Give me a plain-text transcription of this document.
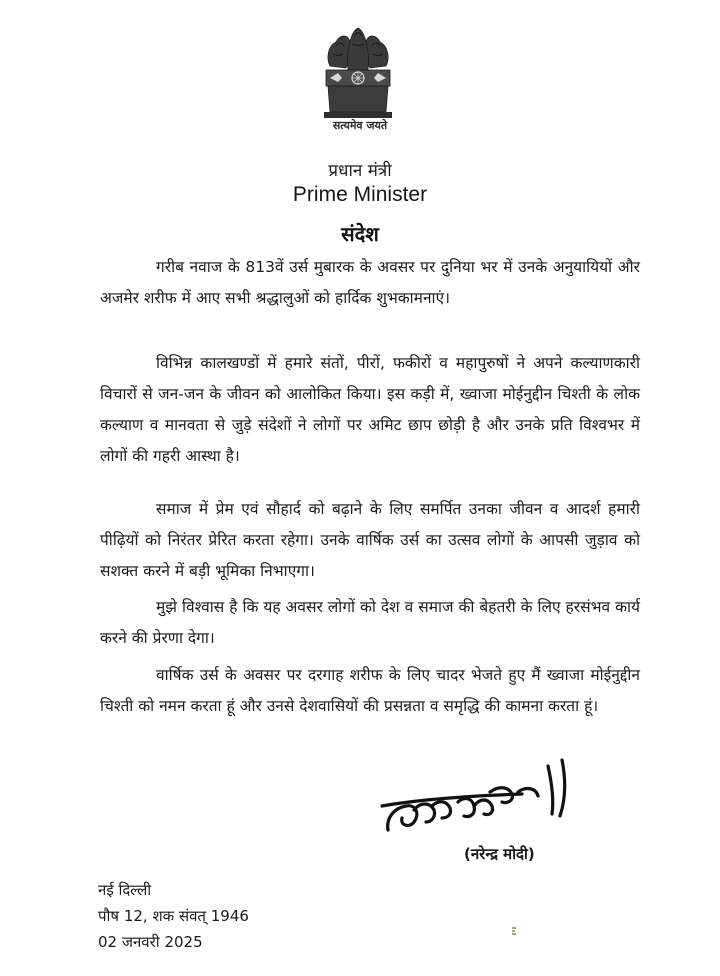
सत्यमेव जयते
प्रधान मंत्री
Prime Minister
संदेश

गरीब नवाज के 813वें उर्स मुबारक के अवसर पर दुनिया भर में उनके अनुयायियों और अजमेर शरीफ में आए सभी श्रद्धालुओं को हार्दिक शुभकामनाएं।

विभिन्न कालखण्डों में हमारे संतों, पीरों, फकीरों व महापुरुषों ने अपने कल्याणकारी विचारों से जन-जन के जीवन को आलोकित किया। इस कड़ी में, ख्वाजा मोईनुद्दीन चिश्ती के लोक कल्याण व मानवता से जुड़े संदेशों ने लोगों पर अमिट छाप छोड़ी है और उनके प्रति विश्वभर में लोगों की गहरी आस्था है।

समाज में प्रेम एवं सौहार्द को बढ़ाने के लिए समर्पित उनका जीवन व आदर्श हमारी पीढ़ियों को निरंतर प्रेरित करता रहेगा। उनके वार्षिक उर्स का उत्सव लोगों के आपसी जुड़ाव को सशक्त करने में बड़ी भूमिका निभाएगा।

मुझे विश्वास है कि यह अवसर लोगों को देश व समाज की बेहतरी के लिए हरसंभव कार्य करने की प्रेरणा देगा।

वार्षिक उर्स के अवसर पर दरगाह शरीफ के लिए चादर भेजते हुए मैं ख्वाजा मोईनुद्दीन चिश्ती को नमन करता हूं और उनसे देशवासियों की प्रसन्नता व समृद्धि की कामना करता हूं।

(नरेन्द्र मोदी)
नई दिल्ली
पौष 12, शक संवत् 1946
02 जनवरी 2025
